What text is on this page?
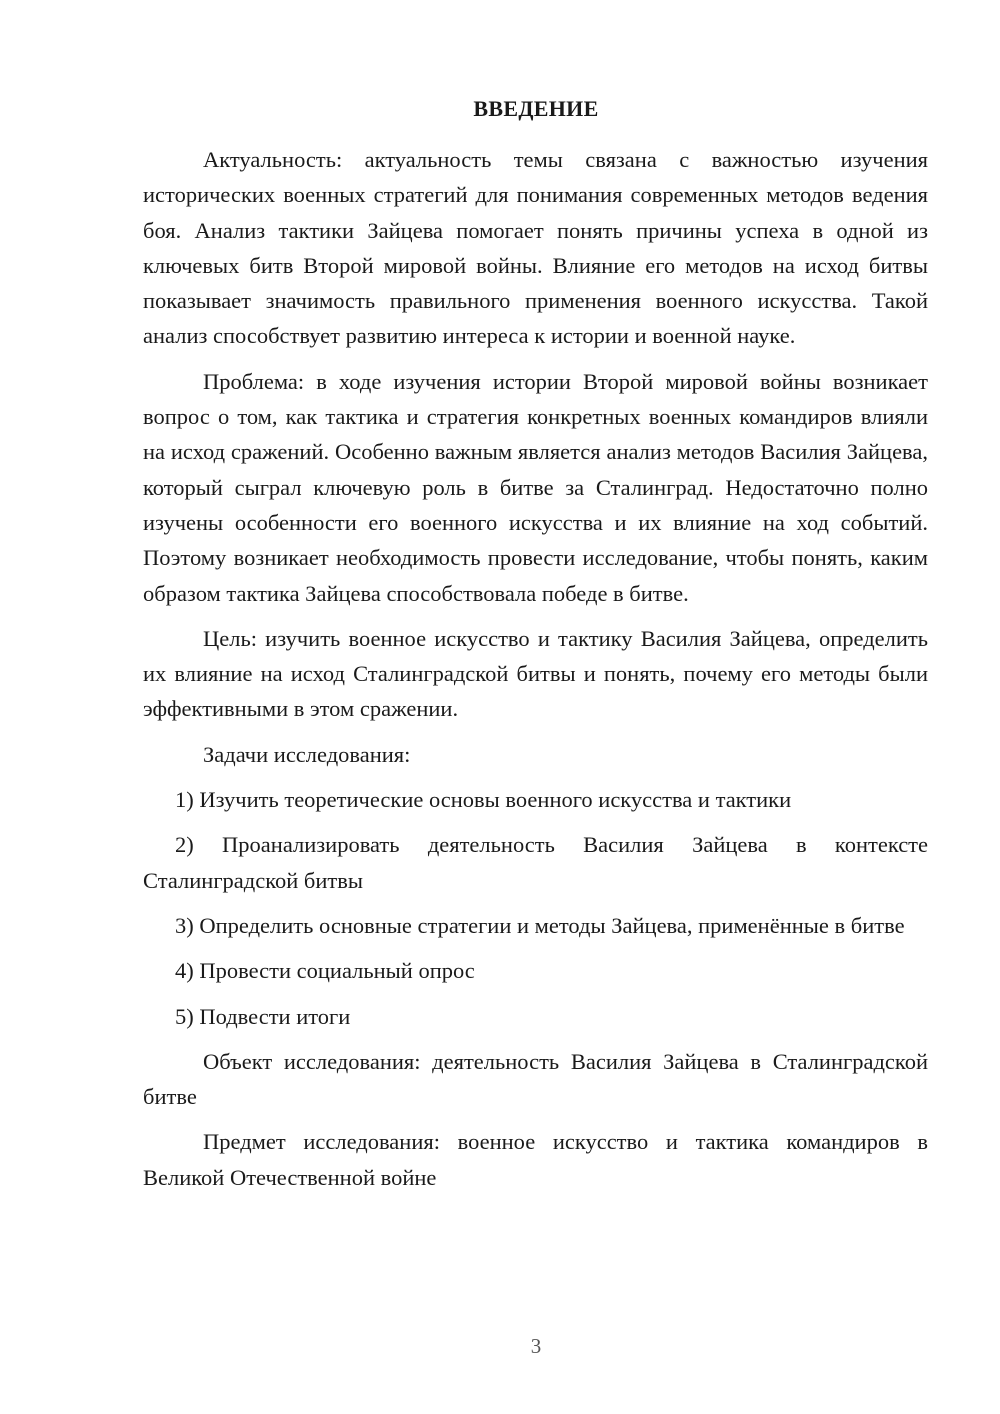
ВВЕДЕНИЕ

Актуальность: актуальность темы связана с важностью изучения исторических военных стратегий для понимания современных методов ведения боя. Анализ тактики Зайцева помогает понять причины успеха в одной из ключевых битв Второй мировой войны. Влияние его методов на исход битвы показывает значимость правильного применения военного искусства. Такой анализ способствует развитию интереса к истории и военной науке.

Проблема: в ходе изучения истории Второй мировой войны возникает вопрос о том, как тактика и стратегия конкретных военных командиров влияли на исход сражений. Особенно важным является анализ методов Василия Зайцева, который сыграл ключевую роль в битве за Сталинград. Недостаточно полно изучены особенности его военного искусства и их влияние на ход событий. Поэтому возникает необходимость провести исследование, чтобы понять, каким образом тактика Зайцева способствовала победе в битве.

Цель: изучить военное искусство и тактику Василия Зайцева, определить их влияние на исход Сталинградской битвы и понять, почему его методы были эффективными в этом сражении.

Задачи исследования:

1) Изучить теоретические основы военного искусства и тактики

2) Проанализировать деятельность Василия Зайцева в контексте Сталинградской битвы

3) Определить основные стратегии и методы Зайцева, применённые в битве

4) Провести социальный опрос

5) Подвести итоги

Объект исследования: деятельность Василия Зайцева в Сталинградской битве

Предмет исследования: военное искусство и тактика командиров в Великой Отечественной войне

3
